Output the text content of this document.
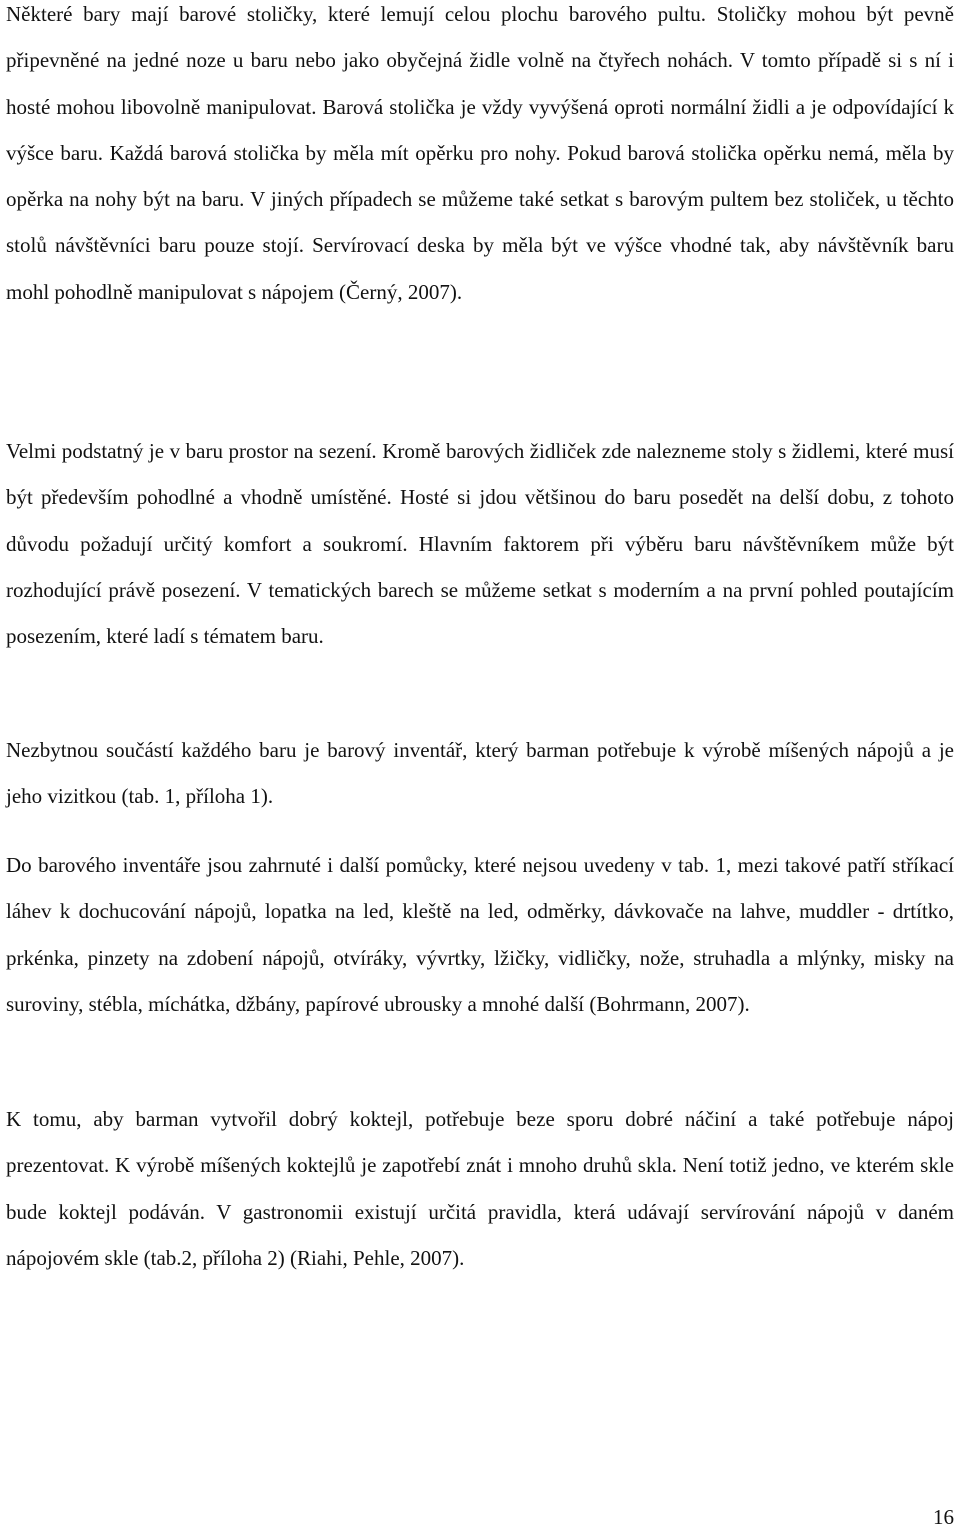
Některé bary mají barové stoličky, které lemují celou plochu barového pultu. Stoličky mohou být pevně připevněné na jedné noze u baru nebo jako obyčejná židle volně na čtyřech nohách. V tomto případě si s ní i hosté mohou libovolně manipulovat. Barová stolička je vždy vyvýšená oproti normální židli a je odpovídající k výšce baru. Každá barová stolička by měla mít opěrku pro nohy. Pokud barová stolička opěrku nemá, měla by opěrka na nohy být na baru. V jiných případech se můžeme také setkat s barovým pultem bez stoliček, u těchto stolů návštěvníci baru pouze stojí. Servírovací deska by měla být ve výšce vhodné tak, aby návštěvník baru mohl pohodlně manipulovat s nápojem (Černý, 2007).

Velmi podstatný je v baru prostor na sezení. Kromě barových židliček zde nalezneme stoly s židlemi, které musí být především pohodlné a vhodně umístěné. Hosté si jdou většinou do baru posedět na delší dobu, z tohoto důvodu požadují určitý komfort a soukromí. Hlavním faktorem při výběru baru návštěvníkem může být rozhodující právě posezení. V tematických barech se můžeme setkat s moderním a na první pohled poutajícím posezením, které ladí s tématem baru.

Nezbytnou součástí každého baru je barový inventář, který barman potřebuje k výrobě míšených nápojů a je jeho vizitkou (tab. 1, příloha 1).

Do barového inventáře jsou zahrnuté i další pomůcky, které nejsou uvedeny v tab. 1, mezi takové patří stříkací láhev k dochucování nápojů, lopatka na led, kleště na led, odměrky, dávkovače na lahve, muddler - drtítko, prkénka, pinzety na zdobení nápojů, otvíráky, vývrtky, lžičky, vidličky, nože, struhadla a mlýnky, misky na suroviny, stébla, míchátka, džbány, papírové ubrousky a mnohé další (Bohrmann, 2007).

K tomu, aby barman vytvořil dobrý koktejl, potřebuje beze sporu dobré náčiní a také potřebuje nápoj prezentovat. K výrobě míšených koktejlů je zapotřebí znát i mnoho druhů skla. Není totiž jedno, ve kterém skle bude koktejl podáván. V gastronomii existují určitá pravidla, která udávají servírování nápojů v daném nápojovém skle (tab.2, příloha 2) (Riahi, Pehle, 2007).

16
